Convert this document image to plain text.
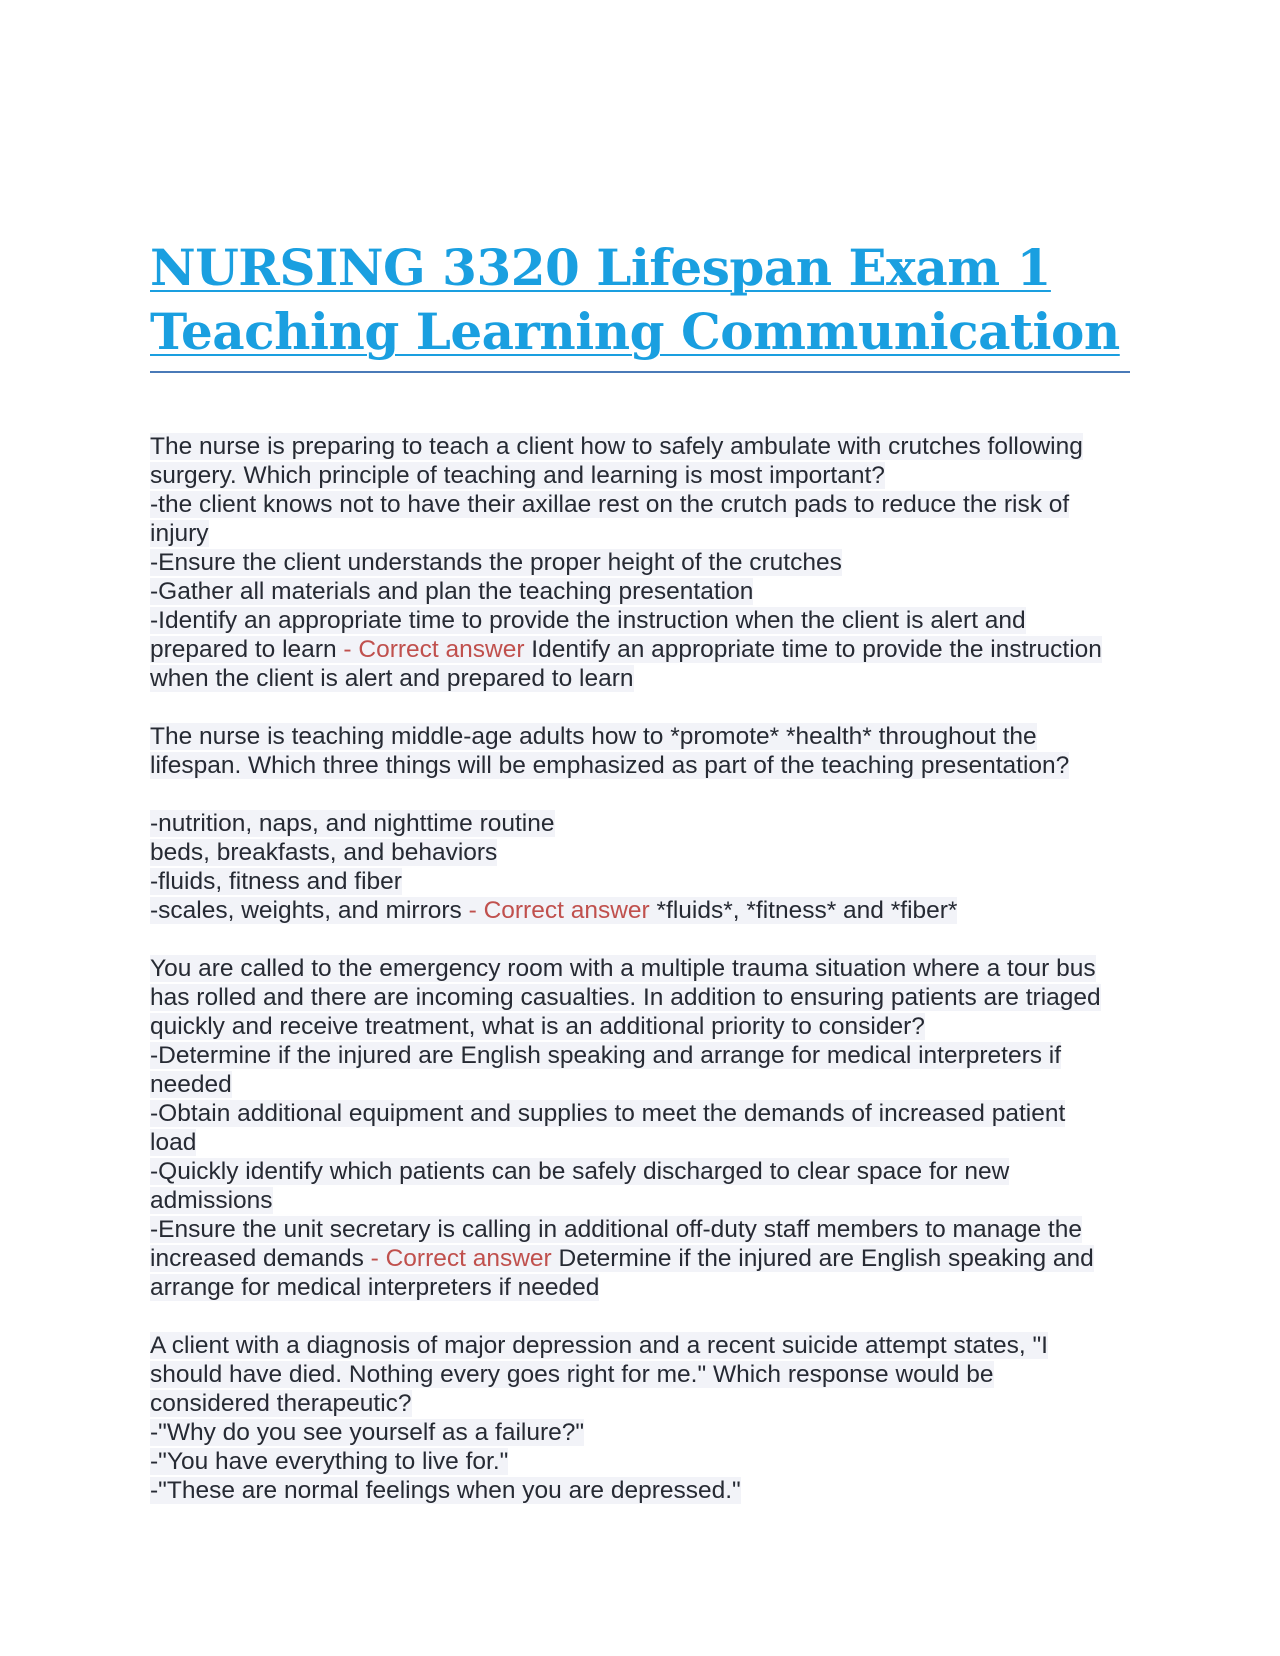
NURSING 3320 Lifespan Exam 1
Teaching Learning Communication
The nurse is preparing to teach a client how to safely ambulate with crutches following
surgery. Which principle of teaching and learning is most important?
-the client knows not to have their axillae rest on the crutch pads to reduce the risk of
injury
-Ensure the client understands the proper height of the crutches
-Gather all materials and plan the teaching presentation
-Identify an appropriate time to provide the instruction when the client is alert and
prepared to learn - Correct answer Identify an appropriate time to provide the instruction
when the client is alert and prepared to learn
The nurse is teaching middle-age adults how to *promote* *health* throughout the
lifespan. Which three things will be emphasized as part of the teaching presentation?
-nutrition, naps, and nighttime routine
beds, breakfasts, and behaviors
-fluids, fitness and fiber
-scales, weights, and mirrors - Correct answer *fluids*, *fitness* and *fiber*
You are called to the emergency room with a multiple trauma situation where a tour bus
has rolled and there are incoming casualties. In addition to ensuring patients are triaged
quickly and receive treatment, what is an additional priority to consider?
-Determine if the injured are English speaking and arrange for medical interpreters if
needed
-Obtain additional equipment and supplies to meet the demands of increased patient
load
-Quickly identify which patients can be safely discharged to clear space for new
admissions
-Ensure the unit secretary is calling in additional off-duty staff members to manage the
increased demands - Correct answer Determine if the injured are English speaking and
arrange for medical interpreters if needed
A client with a diagnosis of major depression and a recent suicide attempt states, "I
should have died. Nothing every goes right for me." Which response would be
considered therapeutic?
-"Why do you see yourself as a failure?"
-"You have everything to live for."
-"These are normal feelings when you are depressed."
